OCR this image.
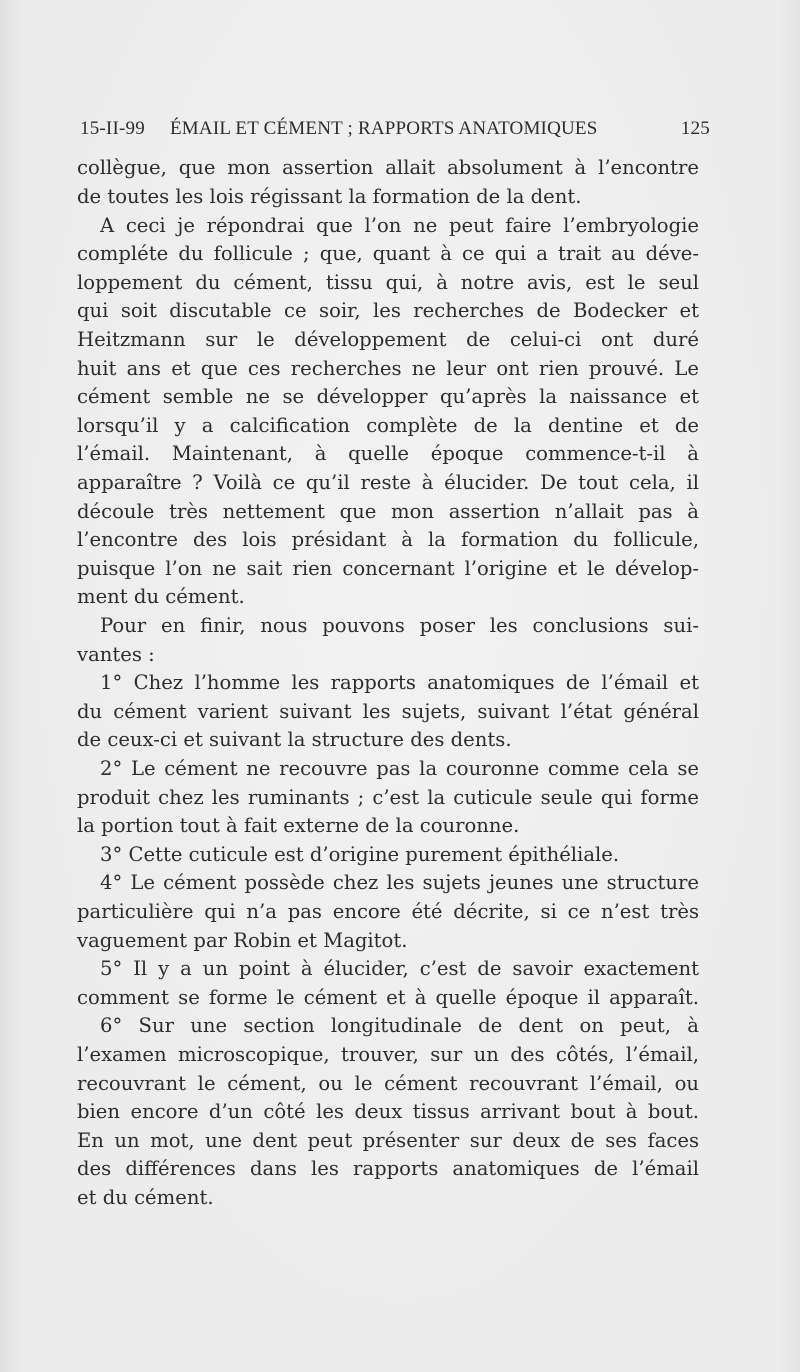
15-II-99 ÉMAIL ET CÉMENT ; RAPPORTS ANATOMIQUES	125
collègue, que mon assertion allait absolument à l’encontre
de toutes les lois régissant la formation de la dent.
A ceci je répondrai que l’on ne peut faire l’embryologie
compléte du follicule ; que, quant à ce qui a trait au déve-
loppement du cément, tissu qui, à notre avis, est le seul
qui soit discutable ce soir, les recherches de Bodecker et
Heitzmann sur le développement de celui-ci ont duré
huit ans et que ces recherches ne leur ont rien prouvé. Le
cément semble ne se développer qu’après la naissance et
lorsqu’il y a calcification complète de la dentine et de
l’émail. Maintenant, à quelle époque commence-t-il à
apparaître ? Voilà ce qu’il reste à élucider. De tout cela, il
découle très nettement que mon assertion n’allait pas à
l’encontre des lois présidant à la formation du follicule,
puisque l’on ne sait rien concernant l’origine et le dévelop-
ment du cément.
Pour en finir, nous pouvons poser les conclusions sui-
vantes :
1° Chez l’homme les rapports anatomiques de l’émail et
du cément varient suivant les sujets, suivant l’état général
de ceux-ci et suivant la structure des dents.
2° Le cément ne recouvre pas la couronne comme cela se
produit chez les ruminants ; c’est la cuticule seule qui forme
la portion tout à fait externe de la couronne.
3° Cette cuticule est d’origine purement épithéliale.
4° Le cément possède chez les sujets jeunes une structure
particulière qui n’a pas encore été décrite, si ce n’est très
vaguement par Robin et Magitot.
5° Il y a un point à élucider, c’est de savoir exactement
comment se forme le cément et à quelle époque il apparaît.
6° Sur une section longitudinale de dent on peut, à
l’examen microscopique, trouver, sur un des côtés, l’émail,
recouvrant le cément, ou le cément recouvrant l’émail, ou
bien encore d’un côté les deux tissus arrivant bout à bout.
En un mot, une dent peut présenter sur deux de ses faces
des différences dans les rapports anatomiques de l’émail
et du cément.
